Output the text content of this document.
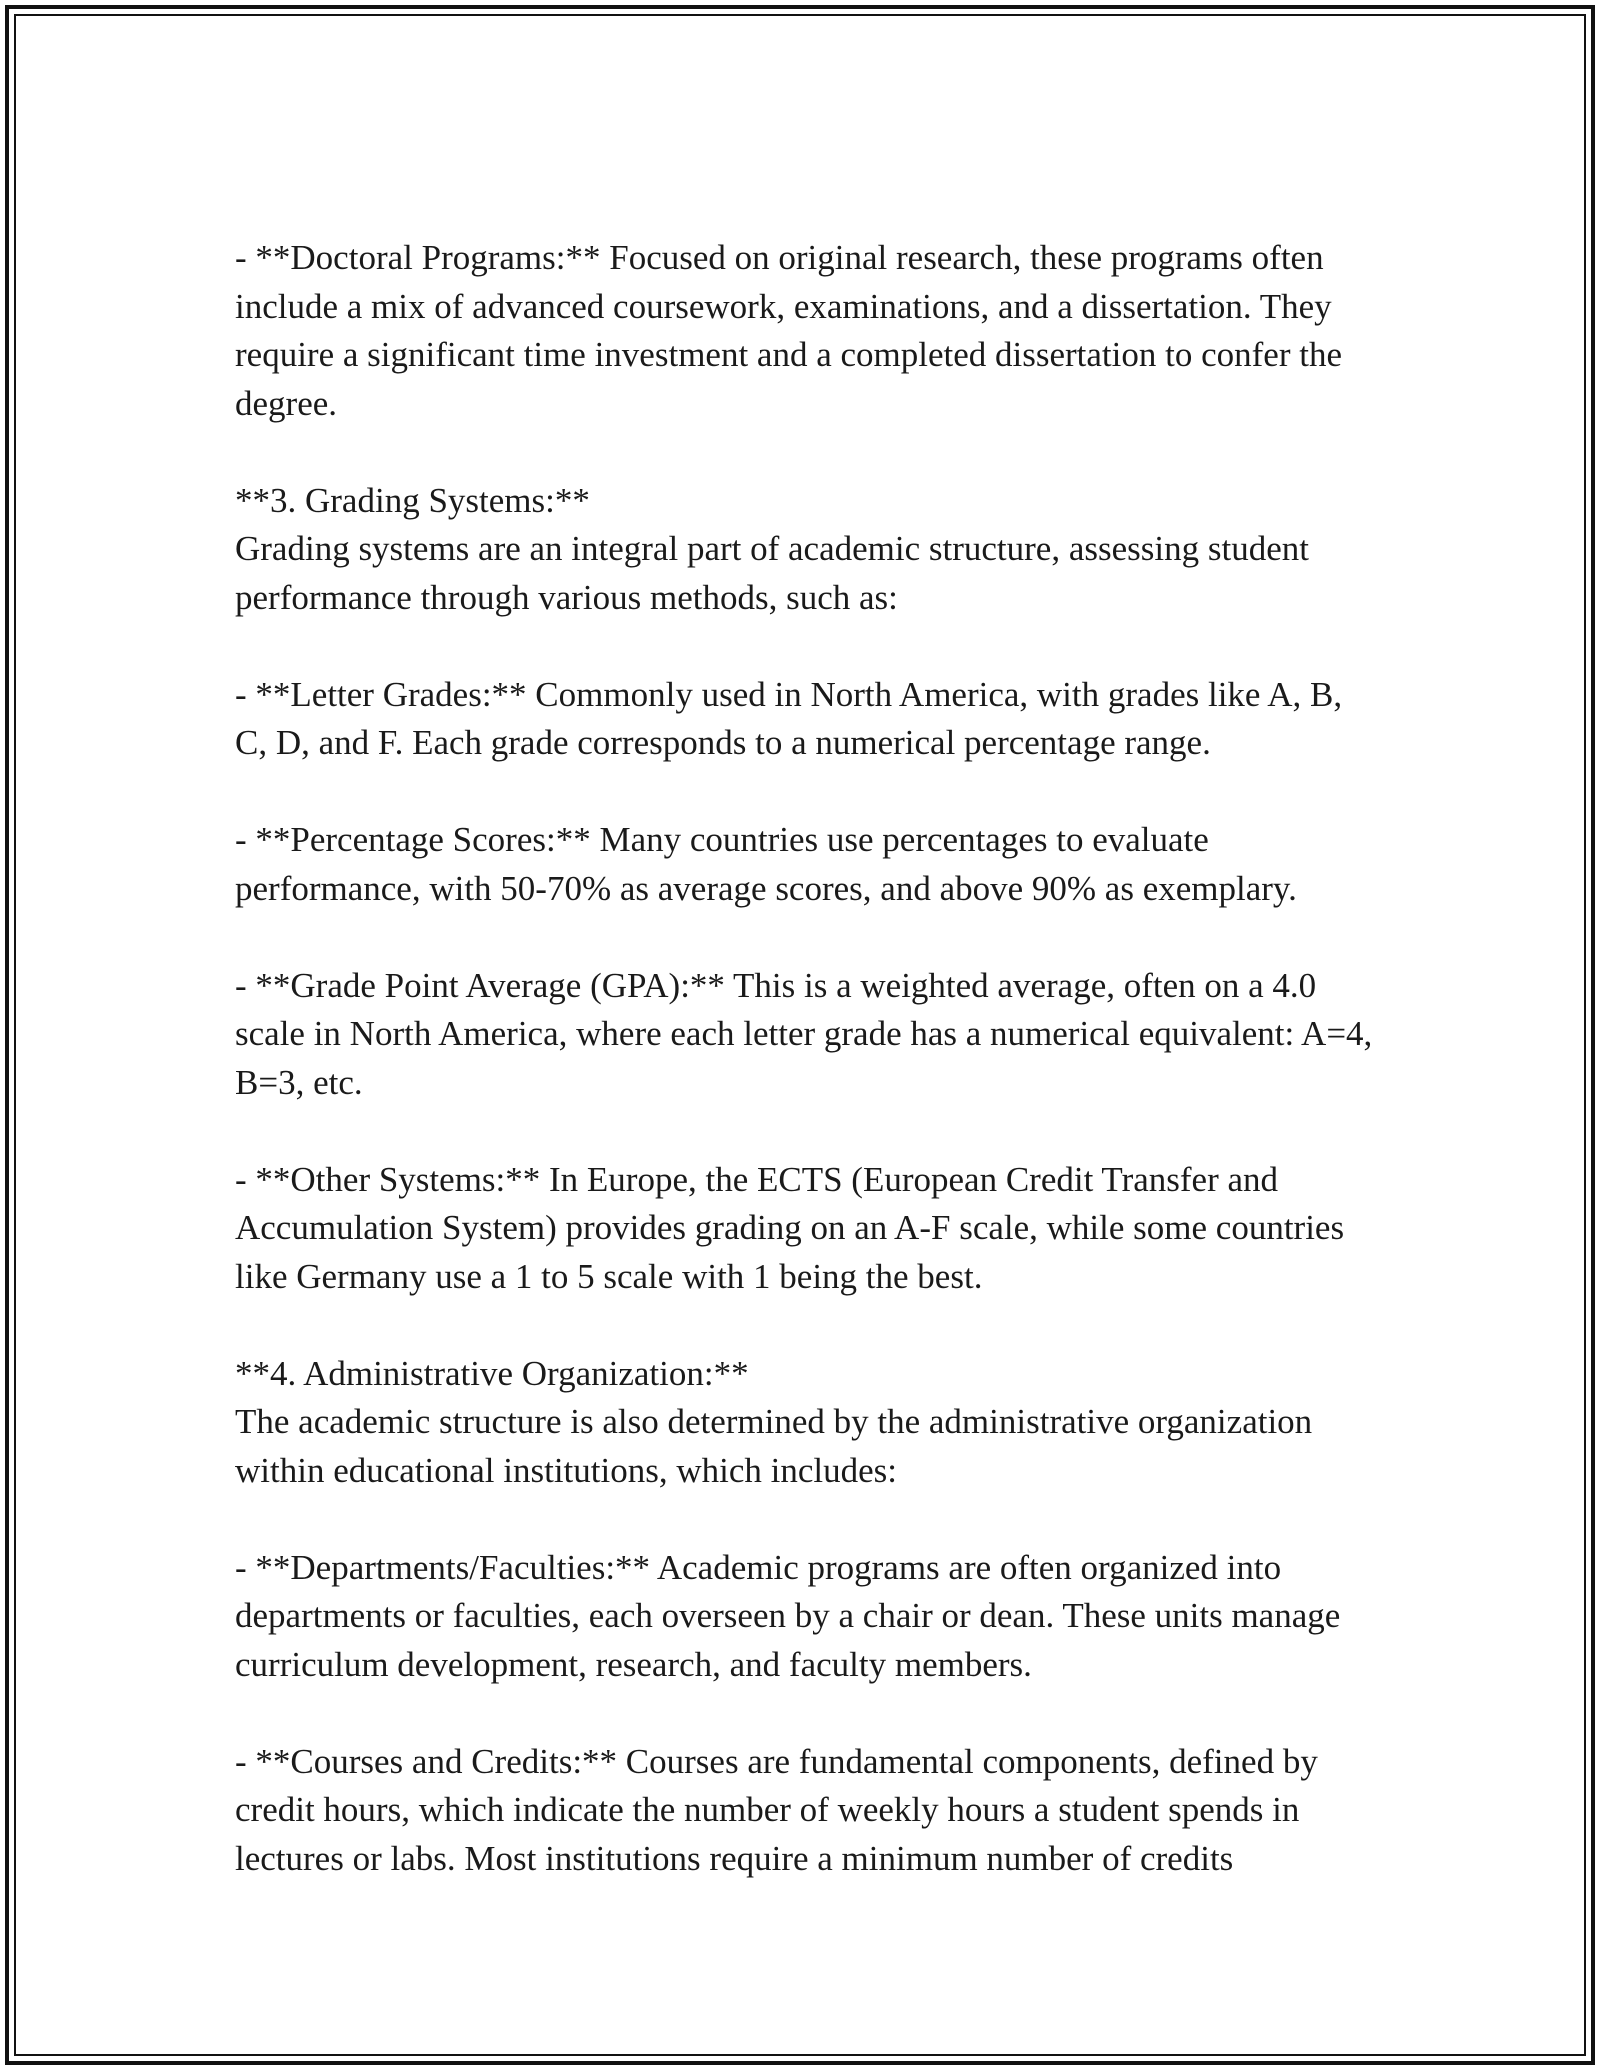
- **Doctoral Programs:** Focused on original research, these programs often include a mix of advanced coursework, examinations, and a dissertation. They require a significant time investment and a completed dissertation to confer the degree.

**3. Grading Systems:**

Grading systems are an integral part of academic structure, assessing student performance through various methods, such as:

- **Letter Grades:** Commonly used in North America, with grades like A, B, C, D, and F. Each grade corresponds to a numerical percentage range.

- **Percentage Scores:** Many countries use percentages to evaluate performance, with 50-70% as average scores, and above 90% as exemplary.

- **Grade Point Average (GPA):** This is a weighted average, often on a 4.0 scale in North America, where each letter grade has a numerical equivalent: A=4, B=3, etc.

- **Other Systems:** In Europe, the ECTS (European Credit Transfer and Accumulation System) provides grading on an A-F scale, while some countries like Germany use a 1 to 5 scale with 1 being the best.

**4. Administrative Organization:**

The academic structure is also determined by the administrative organization within educational institutions, which includes:

- **Departments/Faculties:** Academic programs are often organized into departments or faculties, each overseen by a chair or dean. These units manage curriculum development, research, and faculty members.

- **Courses and Credits:** Courses are fundamental components, defined by credit hours, which indicate the number of weekly hours a student spends in lectures or labs. Most institutions require a minimum number of credits
